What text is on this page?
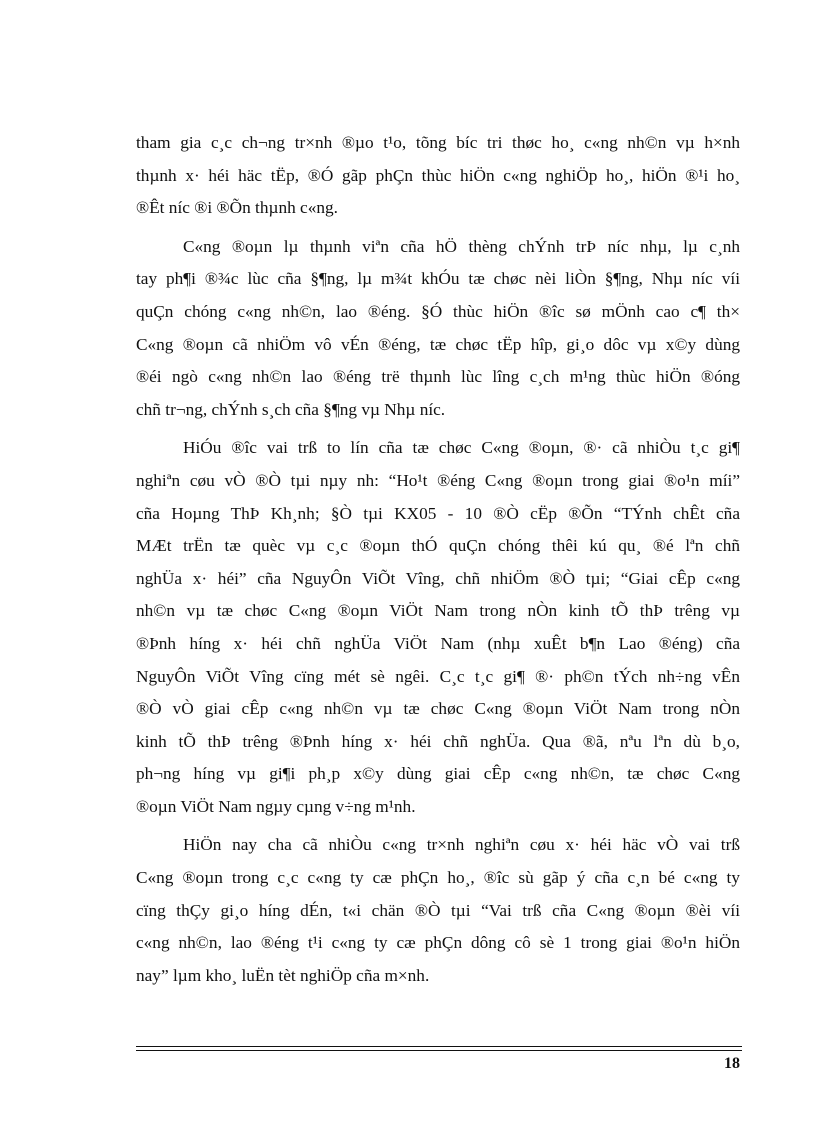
tham gia c¸c ch¬ng tr×nh ®µo t¹o, tõng bíc tri thøc ho¸ c«ng nh©n vµ h×nh
thµnh x· héi häc tËp, ®Ó gãp phÇn thùc hiÖn c«ng nghiÖp ho¸, hiÖn ®¹i ho¸
®Êt níc ®i ®Õn thµnh c«ng.

C«ng ®oµn lµ thµnh viªn cña hÖ thèng chÝnh trÞ níc nhµ, lµ c¸nh
tay ph¶i ®¾c lùc cña §¶ng, lµ m¾t khÓu tæ chøc nèi liÒn §¶ng, Nhµ níc víi
quÇn chóng c«ng nh©n, lao ®éng. §Ó thùc hiÖn ®îc sø mÖnh cao c¶ th×
C«ng ®oµn cã nhiÖm vô vÉn ®éng, tæ chøc tËp hîp, gi¸o dôc vµ x©y dùng
®éi ngò c«ng nh©n lao ®éng trë thµnh lùc lîng c¸ch m¹ng thùc hiÖn ®óng
chñ tr¬ng, chÝnh s¸ch cña §¶ng vµ Nhµ níc.

HiÓu ®îc vai trß to lín cña tæ chøc C«ng ®oµn, ®· cã nhiÒu t¸c gi¶
nghiªn cøu vÒ ®Ò tµi nµy nh: “Ho¹t ®éng C«ng ®oµn trong giai ®o¹n míi”
cña Hoµng ThÞ Kh¸nh; §Ò tµi KX05 - 10 ®Ò cËp ®Õn “TÝnh chÊt cña
MÆt trËn tæ quèc vµ c¸c ®oµn thÓ quÇn chóng thêi kú qu¸ ®é lªn chñ
nghÜa x· héi” cña NguyÔn ViÕt Vîng, chñ nhiÖm ®Ò tµi; “Giai cÊp c«ng
nh©n vµ tæ chøc C«ng ®oµn ViÖt Nam trong nÒn kinh tÕ thÞ trêng vµ
®Þnh híng x· héi chñ nghÜa ViÖt Nam (nhµ xuÊt b¶n Lao ®éng) cña
NguyÔn ViÕt Vîng cïng mét sè ngêi. C¸c t¸c gi¶ ®· ph©n tÝch nh÷ng vÊn
®Ò vÒ giai cÊp c«ng nh©n vµ tæ chøc C«ng ®oµn ViÖt Nam trong nÒn
kinh tÕ thÞ trêng ®Þnh híng x· héi chñ nghÜa. Qua ®ã, nªu lªn dù b¸o,
ph¬ng híng vµ gi¶i ph¸p x©y dùng giai cÊp c«ng nh©n, tæ chøc C«ng
®oµn ViÖt Nam ngµy cµng v÷ng m¹nh.

HiÖn nay cha cã nhiÒu c«ng tr×nh nghiªn cøu x· héi häc vÒ vai trß
C«ng ®oµn trong c¸c c«ng ty cæ phÇn ho¸, ®îc sù gãp ý cña c¸n bé c«ng ty
cïng thÇy gi¸o híng dÉn, t«i chän ®Ò tµi “Vai trß cña C«ng ®oµn ®èi víi
c«ng nh©n, lao ®éng t¹i c«ng ty cæ phÇn dông cô sè 1 trong giai ®o¹n hiÖn
nay” lµm kho¸ luËn tèt nghiÖp cña m×nh.

18
